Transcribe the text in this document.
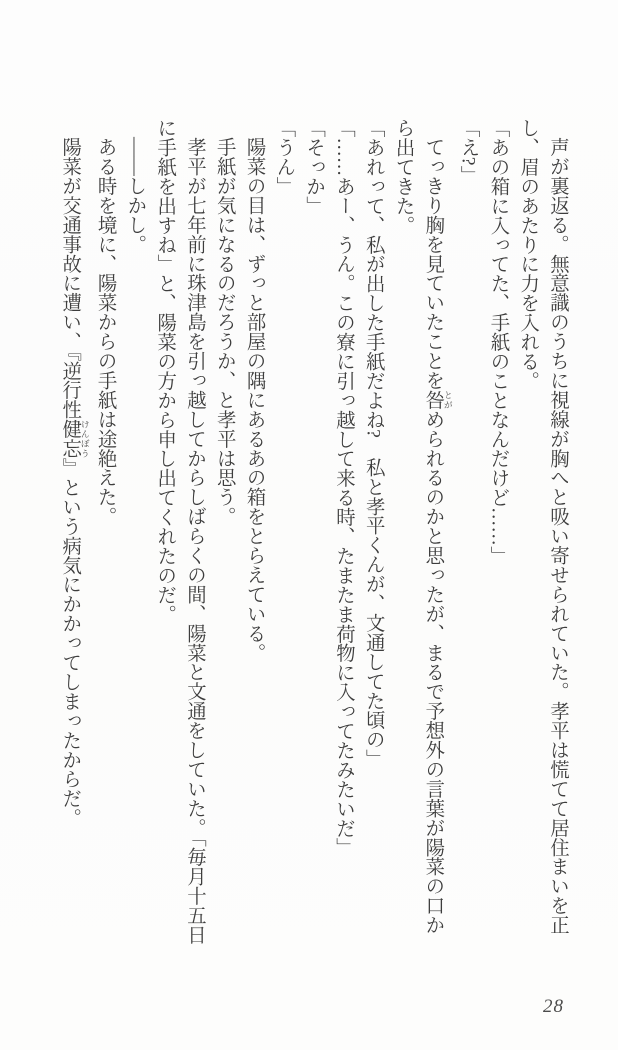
声が裏返る。無意識のうちに視線が胸へと吸い寄せられていた。孝平は慌てて居住まいを正
し、眉のあたりに力を入れる。
「あの箱に入ってた、手紙のことなんだけど……」
「え?」
てっきり胸を見ていたことを咎 とがめられるのかと思ったが、まるで予想外の言葉が陽菜の口か
ら出てきた。
「あれって、私が出した手紙だよね?　私と孝平くんが、文通してた頃の」
「……あー、うん。この寮に引っ越して来る時、たまたま荷物に入ってたみたいだ」
「そっか」
「うん」
陽菜の目は、ずっと部屋の隅にあるあの箱をとらえている。
手紙が気になるのだろうか、と孝平は思う。
孝平が七年前に珠津島を引っ越してからしばらくの間、陽菜と文通をしていた。「毎月十五日
に手紙を出すね」と、陽菜の方から申し出てくれたのだ。
――しかし。
ある時を境に、陽菜からの手紙は途絶えた。
陽菜が交通事故に遭い、『逆行性健忘 けんぼう』という病気にかかってしまったからだ。
28
